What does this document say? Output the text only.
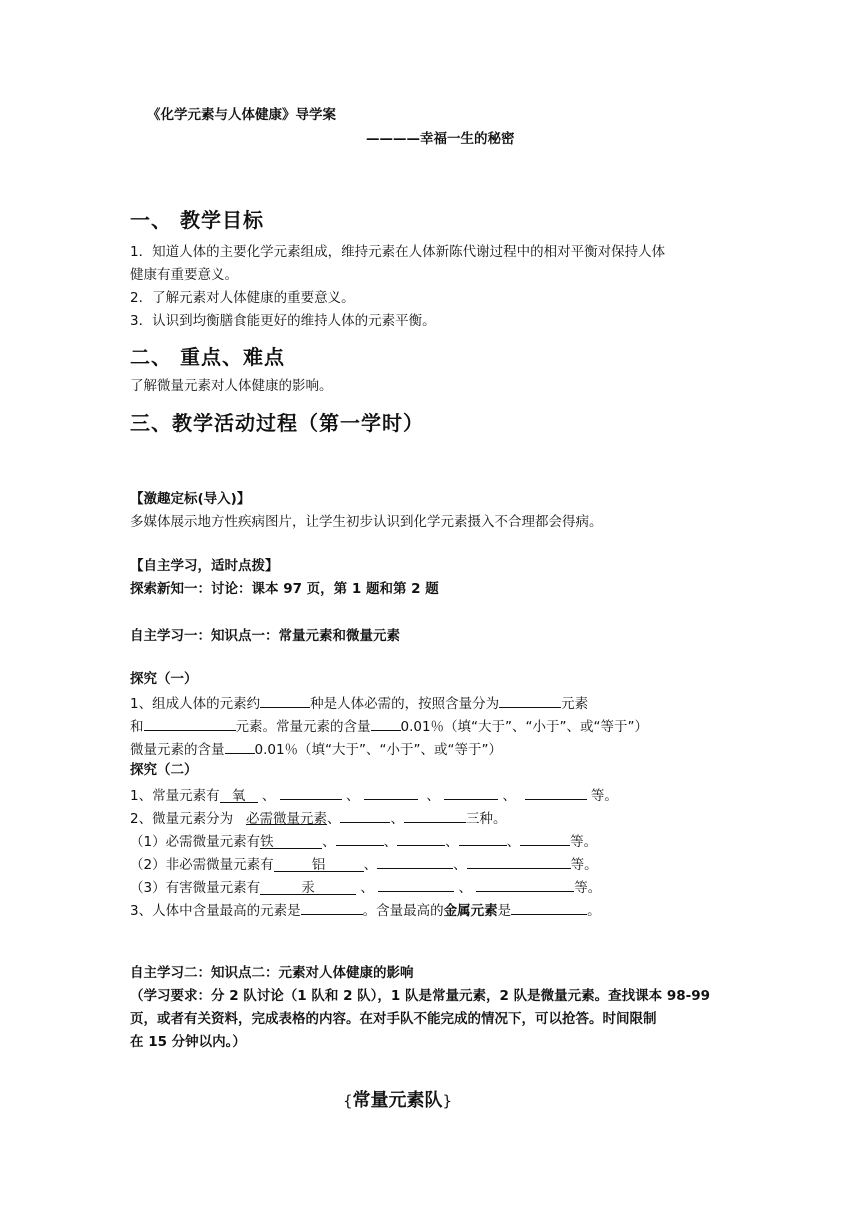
《化学元素与人体健康》导学案
————幸福一生的秘密
一、 教学目标
1．知道人体的主要化学元素组成，维持元素在人体新陈代谢过程中的相对平衡对保持人体
健康有重要意义。
2．了解元素对人体健康的重要意义。
3．认识到均衡膳食能更好的维持人体的元素平衡。
二、 重点、难点
了解微量元素对人体健康的影响。
三、教学活动过程（第一学时）
【激趣定标(导入)】
多媒体展示地方性疾病图片，让学生初步认识到化学元素摄入不合理都会得病。
【自主学习，适时点拨】
探索新知一：讨论：课本 97 页，第 1 题和第 2 题
自主学习一：知识点一：常量元素和微量元素
探究（一）
1、组成人体的元素约	种是人体必需的，按照含量分为	元素
和	元素。常量元素的含量 0.01％（填“大于”、“小于”、或“等于”）
微量元素的含量 0.01％（填“大于”、“小于”、或“等于”）
探究（二）
1、常量元素有 氧 、	、	、	、	等。
2、微量元素分为 必需微量元素、	、	三种。
（1）必需微量元素有铁	、	、	、	、	等。
（2）非必需微量元素有	铝	、	、	等。
（3）有害微量元素有	汞	、	、	等。
3、人体中含量最高的元素是	。含量最高的金属元素是	。
自主学习二：知识点二：元素对人体健康的影响
（学习要求：分 2 队讨论（1 队和 2 队），1 队是常量元素，2 队是微量元素。查找课本 98-99
页，或者有关资料，完成表格的内容。在对手队不能完成的情况下，可以抢答。时间限制
在 15 分钟以内。）
{常量元素队}
